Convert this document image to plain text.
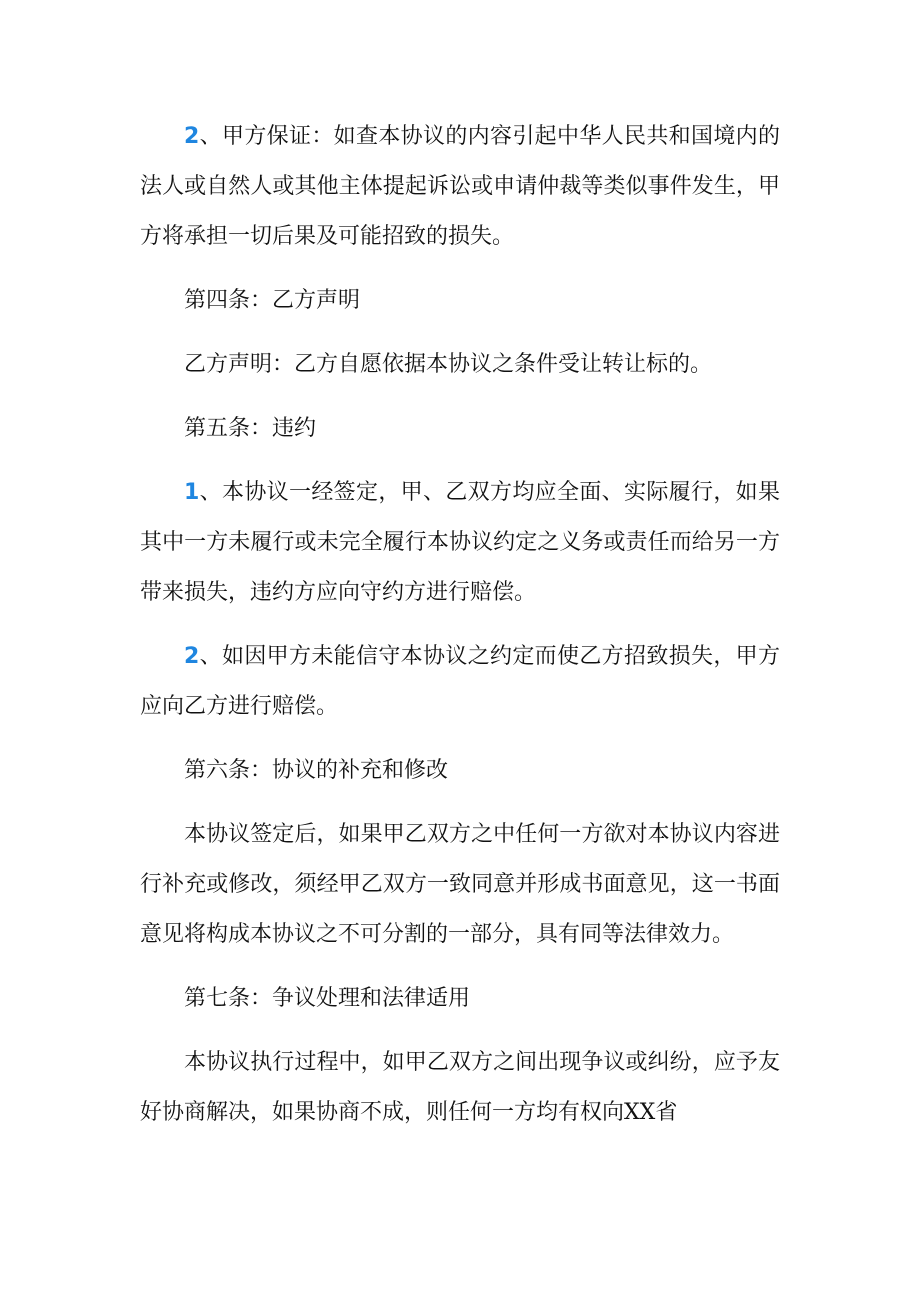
2、甲方保证：如查本协议的内容引起中华人民共和国境内的法人或自然人或其他主体提起诉讼或申请仲裁等类似事件发生，甲方将承担一切后果及可能招致的损失。

第四条：乙方声明

乙方声明：乙方自愿依据本协议之条件受让转让标的。

第五条：违约

1、本协议一经签定，甲、乙双方均应全面、实际履行，如果其中一方未履行或未完全履行本协议约定之义务或责任而给另一方带来损失，违约方应向守约方进行赔偿。

2、如因甲方未能信守本协议之约定而使乙方招致损失，甲方应向乙方进行赔偿。

第六条：协议的补充和修改

本协议签定后，如果甲乙双方之中任何一方欲对本协议内容进行补充或修改，须经甲乙双方一致同意并形成书面意见，这一书面意见将构成本协议之不可分割的一部分，具有同等法律效力。

第七条：争议处理和法律适用

本协议执行过程中，如甲乙双方之间出现争议或纠纷，应予友好协商解决，如果协商不成，则任何一方均有权向XX省
